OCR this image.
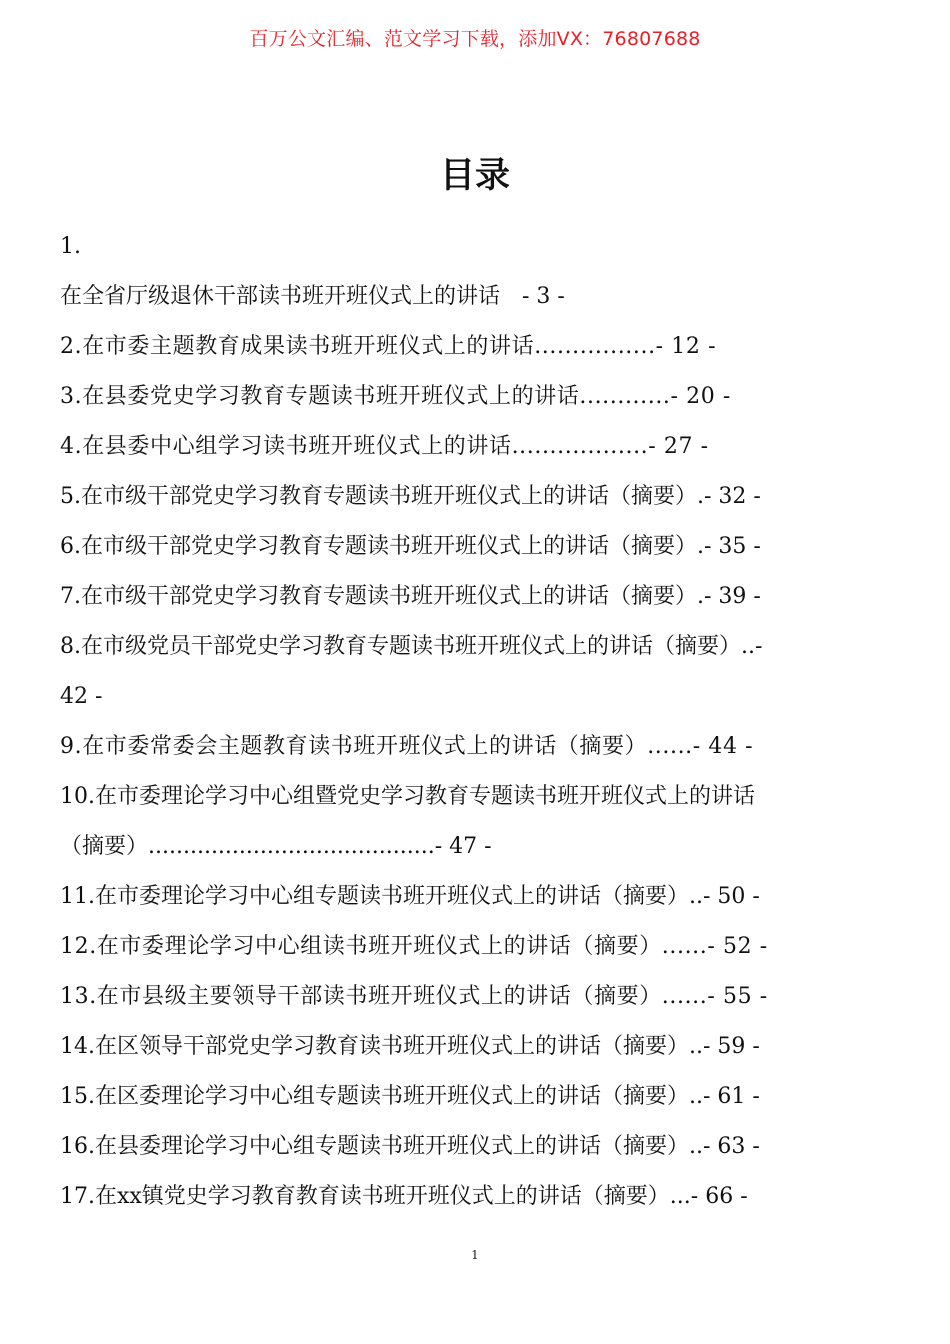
百万公文汇编、范文学习下载，添加VX：76807688
目录
1.
在全省厅级退休干部读书班开班仪式上的讲话　- 3 -
2.在市委主题教育成果读书班开班仪式上的讲话................- 12 -
3.在县委党史学习教育专题读书班开班仪式上的讲话............- 20 -
4.在县委中心组学习读书班开班仪式上的讲话..................- 27 -
5.在市级干部党史学习教育专题读书班开班仪式上的讲话（摘要）.- 32 -
6.在市级干部党史学习教育专题读书班开班仪式上的讲话（摘要）.- 35 -
7.在市级干部党史学习教育专题读书班开班仪式上的讲话（摘要）.- 39 -
8.在市级党员干部党史学习教育专题读书班开班仪式上的讲话（摘要）..-
42 -
9.在市委常委会主题教育读书班开班仪式上的讲话（摘要）......- 44 -
10.在市委理论学习中心组暨党史学习教育专题读书班开班仪式上的讲话
（摘要）.........................................- 47 -
11.在市委理论学习中心组专题读书班开班仪式上的讲话（摘要）..- 50 -
12.在市委理论学习中心组读书班开班仪式上的讲话（摘要）......- 52 -
13.在市县级主要领导干部读书班开班仪式上的讲话（摘要）......- 55 -
14.在区领导干部党史学习教育读书班开班仪式上的讲话（摘要）..- 59 -
15.在区委理论学习中心组专题读书班开班仪式上的讲话（摘要）..- 61 -
16.在县委理论学习中心组专题读书班开班仪式上的讲话（摘要）..- 63 -
17.在xx镇党史学习教育教育读书班开班仪式上的讲话（摘要）...- 66 -
1
